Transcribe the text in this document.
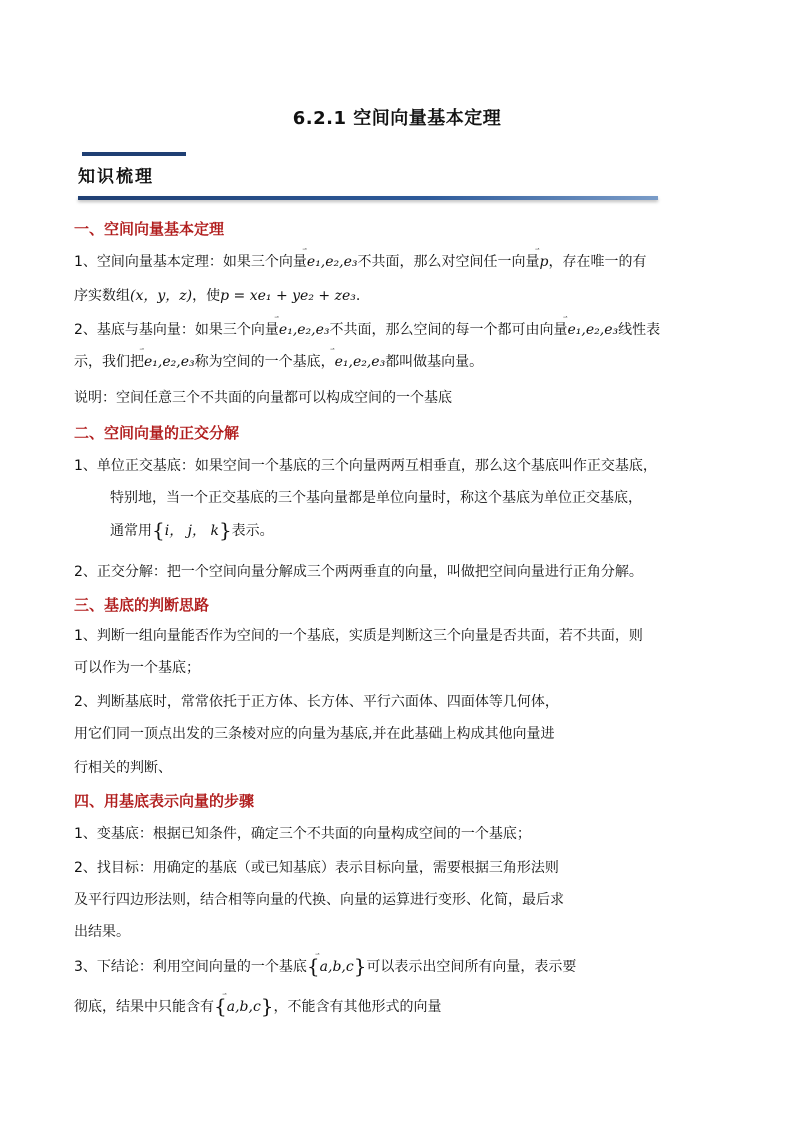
6.2.1 空间向量基本定理
知识梳理
一、空间向量基本定理
1、空间向量基本定理：如果三个向量⃑ e₁,e₂,e₃不共面，那么对空间任一向量⃑ p，存在唯一的有
序实数组(x，y，z)，使p = xe₁ + ye₂ + ze₃.
2、基底与基向量：如果三个向量⃑ e₁,e₂,e₃不共面，那么空间的每一个都可由向量⃑ e₁,e₂,e₃线性表
示，我们把⃑ e₁,e₂,e₃称为空间的一个基底，⃑ e₁,e₂,e₃都叫做基向量。
说明：空间任意三个不共面的向量都可以构成空间的一个基底
二、空间向量的正交分解
1、单位正交基底：如果空间一个基底的三个向量两两互相垂直，那么这个基底叫作正交基底，
特别地，当一个正交基底的三个基向量都是单位向量时，称这个基底为单位正交基底，
通常用{i， j， k}表示。
2、正交分解：把一个空间向量分解成三个两两垂直的向量，叫做把空间向量进行正角分解。
三、基底的判断思路
1、判断一组向量能否作为空间的一个基底，实质是判断这三个向量是否共面，若不共面，则
可以作为一个基底；
2、判断基底时，常常依托于正方体、长方体、平行六面体、四面体等几何体，
用它们同一顶点出发的三条棱对应的向量为基底,并在此基础上构成其他向量进
行相关的判断、
四、用基底表示向量的步骤
1、变基底：根据已知条件，确定三个不共面的向量构成空间的一个基底；
2、找目标：用确定的基底（或已知基底）表示目标向量，需要根据三角形法则
及平行四边形法则，结合相等向量的代换、向量的运算进行变形、化简，最后求
出结果。
3、下结论：利用空间向量的一个基底{⃑ a,b,c}可以表示出空间所有向量，表示要
彻底，结果中只能含有{⃑ a,b,c}，不能含有其他形式的向量
